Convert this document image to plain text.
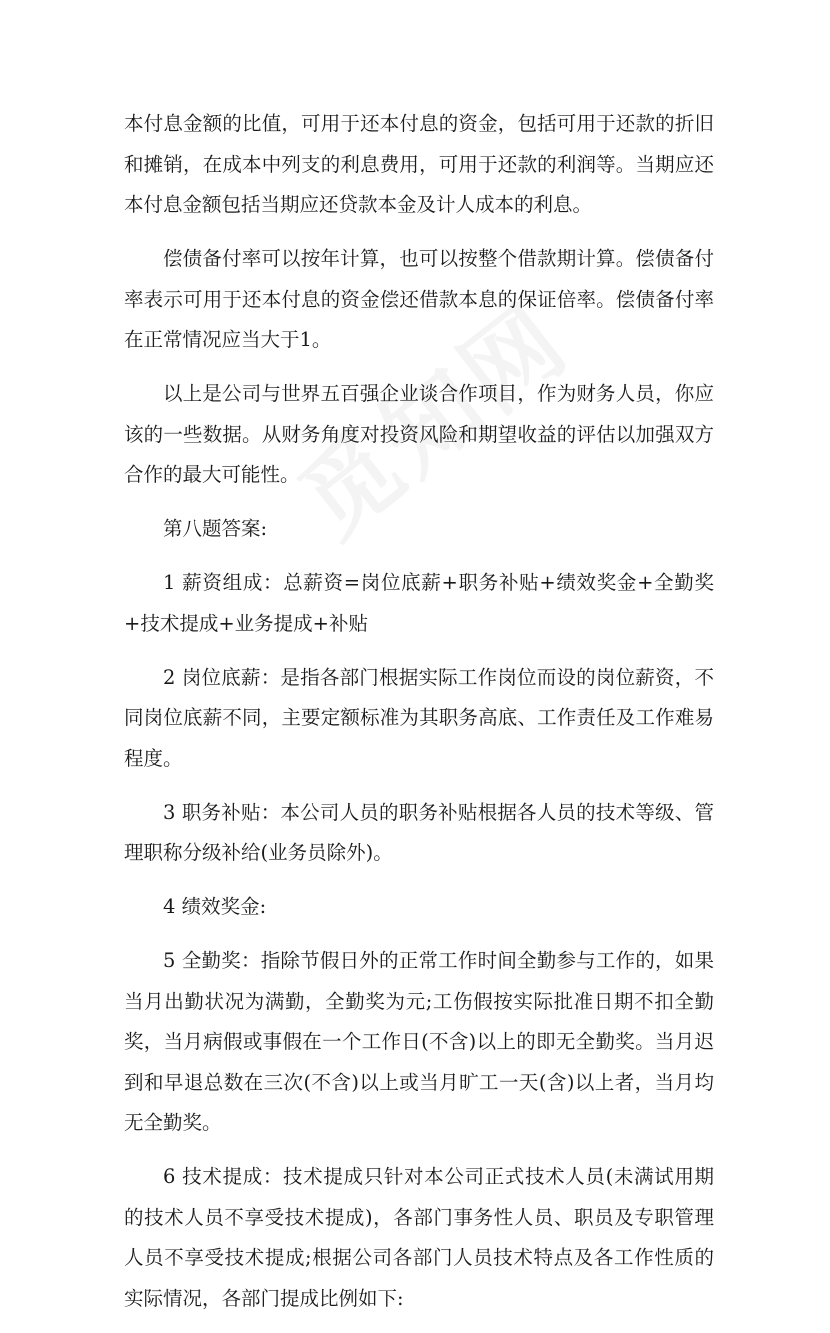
本付息金额的比值，可用于还本付息的资金，包括可用于还款的折旧和摊销，在成本中列支的利息费用，可用于还款的利润等。当期应还本付息金额包括当期应还贷款本金及计人成本的利息。

偿债备付率可以按年计算，也可以按整个借款期计算。偿债备付率表示可用于还本付息的资金偿还借款本息的保证倍率。偿债备付率在正常情况应当大于1。

以上是公司与世界五百强企业谈合作项目，作为财务人员，你应该的一些数据。从财务角度对投资风险和期望收益的评估以加强双方合作的最大可能性。

第八题答案:

1 薪资组成：总薪资=岗位底薪+职务补贴+绩效奖金+全勤奖+技术提成+业务提成+补贴

2 岗位底薪：是指各部门根据实际工作岗位而设的岗位薪资，不同岗位底薪不同，主要定额标准为其职务高底、工作责任及工作难易程度。

3 职务补贴：本公司人员的职务补贴根据各人员的技术等级、管理职称分级补给(业务员除外)。

4 绩效奖金:

5 全勤奖：指除节假日外的正常工作时间全勤参与工作的，如果当月出勤状况为满勤，全勤奖为元;工伤假按实际批准日期不扣全勤奖，当月病假或事假在一个工作日(不含)以上的即无全勤奖。当月迟到和早退总数在三次(不含)以上或当月旷工一天(含)以上者，当月均无全勤奖。

6 技术提成：技术提成只针对本公司正式技术人员(未满试用期的技术人员不享受技术提成)，各部门事务性人员、职员及专职管理人员不享受技术提成;根据公司各部门人员技术特点及各工作性质的实际情况，各部门提成比例如下:
